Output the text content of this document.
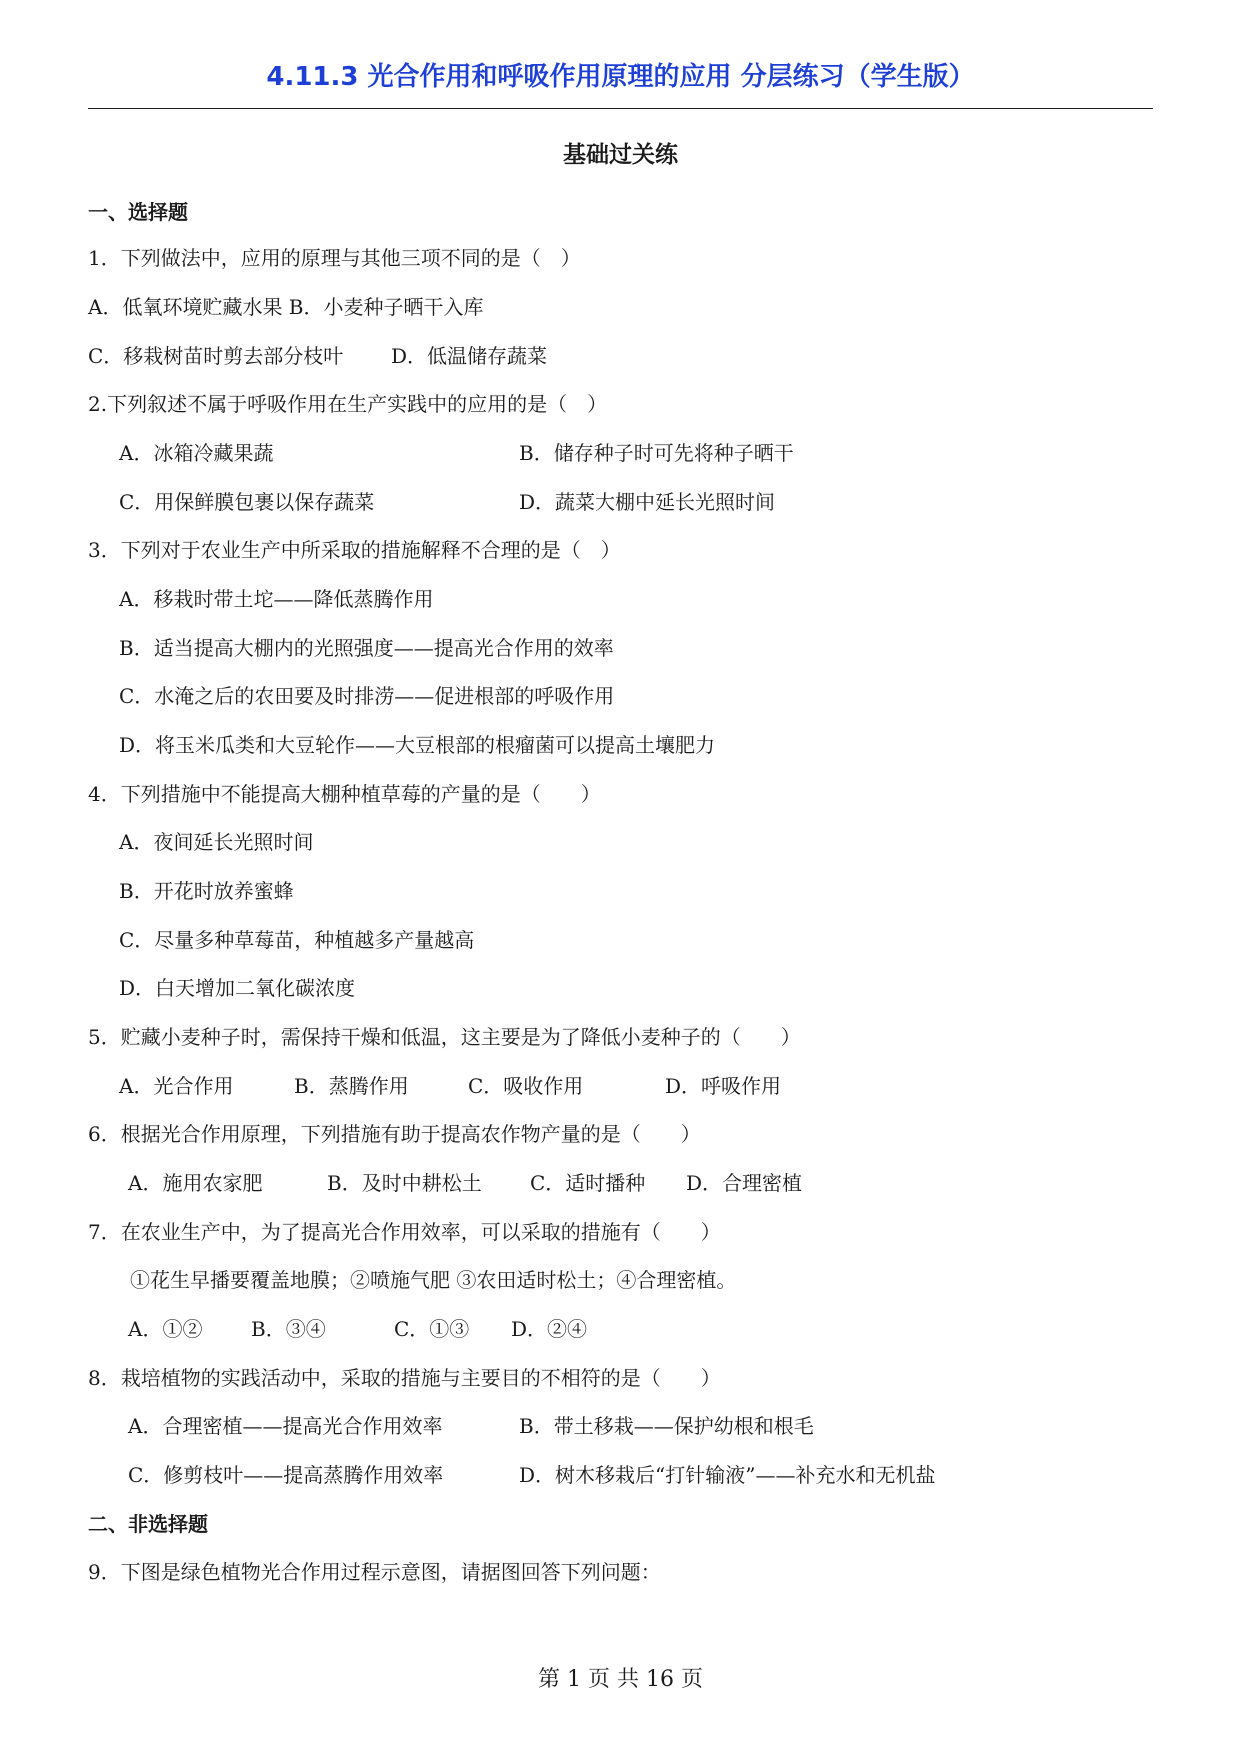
4.11.3 光合作用和呼吸作用原理的应用 分层练习（学生版）
基础过关练
一、选择题
1．下列做法中，应用的原理与其他三项不同的是（　）
A．低氧环境贮藏水果 B．小麦种子晒干入库
C．移栽树苗时剪去部分枝叶 D．低温储存蔬菜
2.下列叙述不属于呼吸作用在生产实践中的应用的是（　）
A．冰箱冷藏果蔬	B．储存种子时可先将种子晒干
C．用保鲜膜包裹以保存蔬菜	D．蔬菜大棚中延长光照时间
3．下列对于农业生产中所采取的措施解释不合理的是（　）
A．移栽时带土坨——降低蒸腾作用
B．适当提高大棚内的光照强度——提高光合作用的效率
C．水淹之后的农田要及时排涝——促进根部的呼吸作用
D．将玉米瓜类和大豆轮作——大豆根部的根瘤菌可以提高土壤肥力
4．下列措施中不能提高大棚种植草莓的产量的是（　　）
A．夜间延长光照时间
B．开花时放养蜜蜂
C．尽量多种草莓苗，种植越多产量越高
D．白天增加二氧化碳浓度
5．贮藏小麦种子时，需保持干燥和低温，这主要是为了降低小麦种子的（　　）
A．光合作用	B．蒸腾作用	C．吸收作用	D．呼吸作用
6．根据光合作用原理，下列措施有助于提高农作物产量的是（　　）
A．施用农家肥	B．及时中耕松土 C．适时播种 D．合理密植
7．在农业生产中，为了提高光合作用效率，可以采取的措施有（　　）
①花生早播要覆盖地膜；②喷施气肥 ③农田适时松土；④合理密植。
A．①② B．③④	C．①③ D．②④
8．栽培植物的实践活动中，采取的措施与主要目的不相符的是（　　）
A．合理密植——提高光合作用效率	B．带土移栽——保护幼根和根毛
C．修剪枝叶——提高蒸腾作用效率	D．树木移栽后“打针输液”——补充水和无机盐
二、非选择题
9．下图是绿色植物光合作用过程示意图，请据图回答下列问题：
第 1 页 共 16 页
